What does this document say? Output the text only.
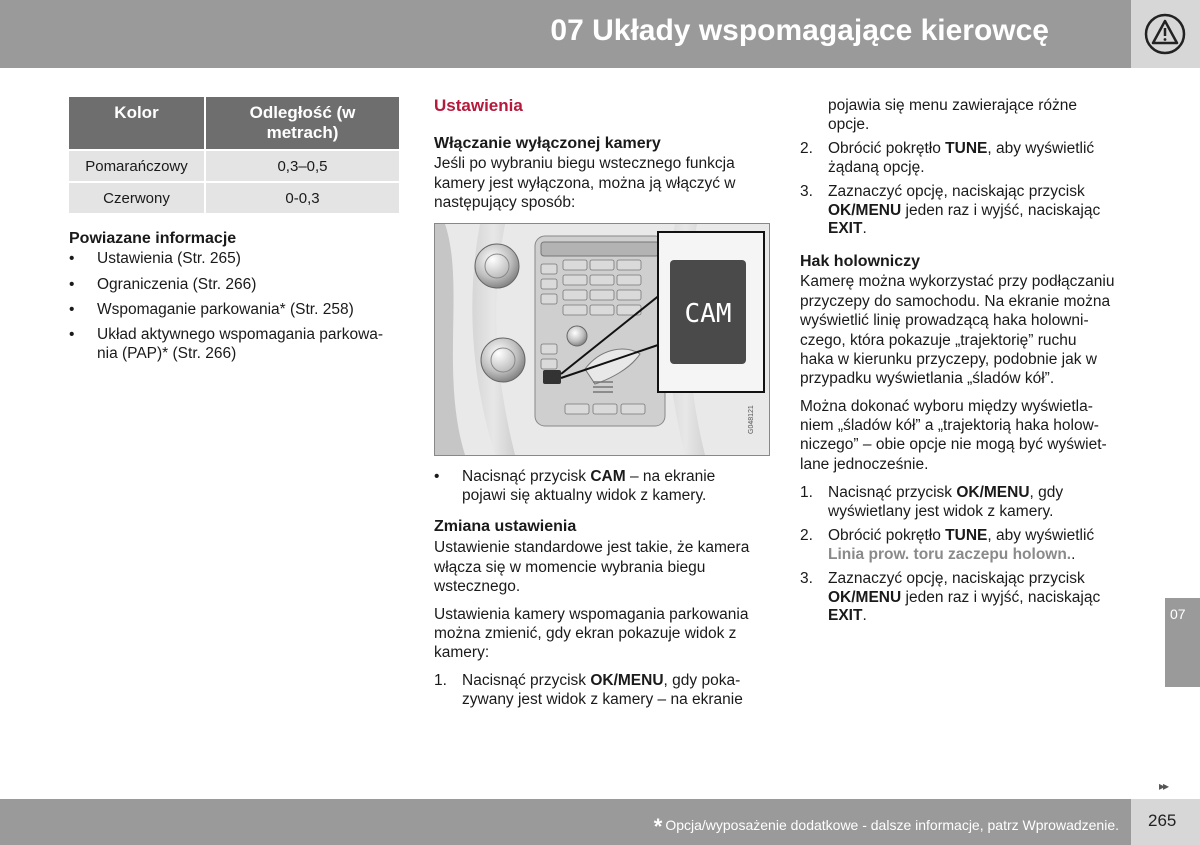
07 Układy wspomagające kierowcę
Kolor	Odległość (w metrach)
Pomarańczowy	0,3–0,5
Czerwony	0-0,3
Powiazane informacje
• Ustawienia (Str. 265)
• Ograniczenia (Str. 266)
• Wspomaganie parkowania* (Str. 258)
• Układ aktywnego wspomagania parkowa-
nia (PAP)* (Str. 266)
Ustawienia
Włączanie wyłączonej kamery
Jeśli po wybraniu biegu wstecznego funkcja
kamery jest wyłączona, można ją włączyć w
następujący sposób:
CAM
G048121
• Nacisnąć przycisk CAM – na ekranie
pojawi się aktualny widok z kamery.
Zmiana ustawienia
Ustawienie standardowe jest takie, że kamera
włącza się w momencie wybrania biegu
wstecznego.
Ustawienia kamery wspomagania parkowania
można zmienić, gdy ekran pokazuje widok z
kamery:
1. Nacisnąć przycisk OK/MENU, gdy poka-
zywany jest widok z kamery – na ekranie
pojawia się menu zawierające różne
opcje.
2. Obrócić pokrętło TUNE, aby wyświetlić
żądaną opcję.
3. Zaznaczyć opcję, naciskając przycisk
OK/MENU jeden raz i wyjść, naciskając
EXIT.
Hak holowniczy
Kamerę można wykorzystać przy podłączaniu
przyczepy do samochodu. Na ekranie można
wyświetlić linię prowadzącą haka holowni-
czego, która pokazuje „trajektorię” ruchu
haka w kierunku przyczepy, podobnie jak w
przypadku wyświetlania „śladów kół”.
Można dokonać wyboru między wyświetla-
niem „śladów kół” a „trajektorią haka holow-
niczego” – obie opcje nie mogą być wyświet-
lane jednocześnie.
1. Nacisnąć przycisk OK/MENU, gdy
wyświetlany jest widok z kamery.
2. Obrócić pokrętło TUNE, aby wyświetlić
Linia prow. toru zaczepu holown..
3. Zaznaczyć opcję, naciskając przycisk
OK/MENU jeden raz i wyjść, naciskając
EXIT.	07
▸▸
* Opcja/wyposażenie dodatkowe - dalsze informacje, patrz Wprowadzenie. 265
